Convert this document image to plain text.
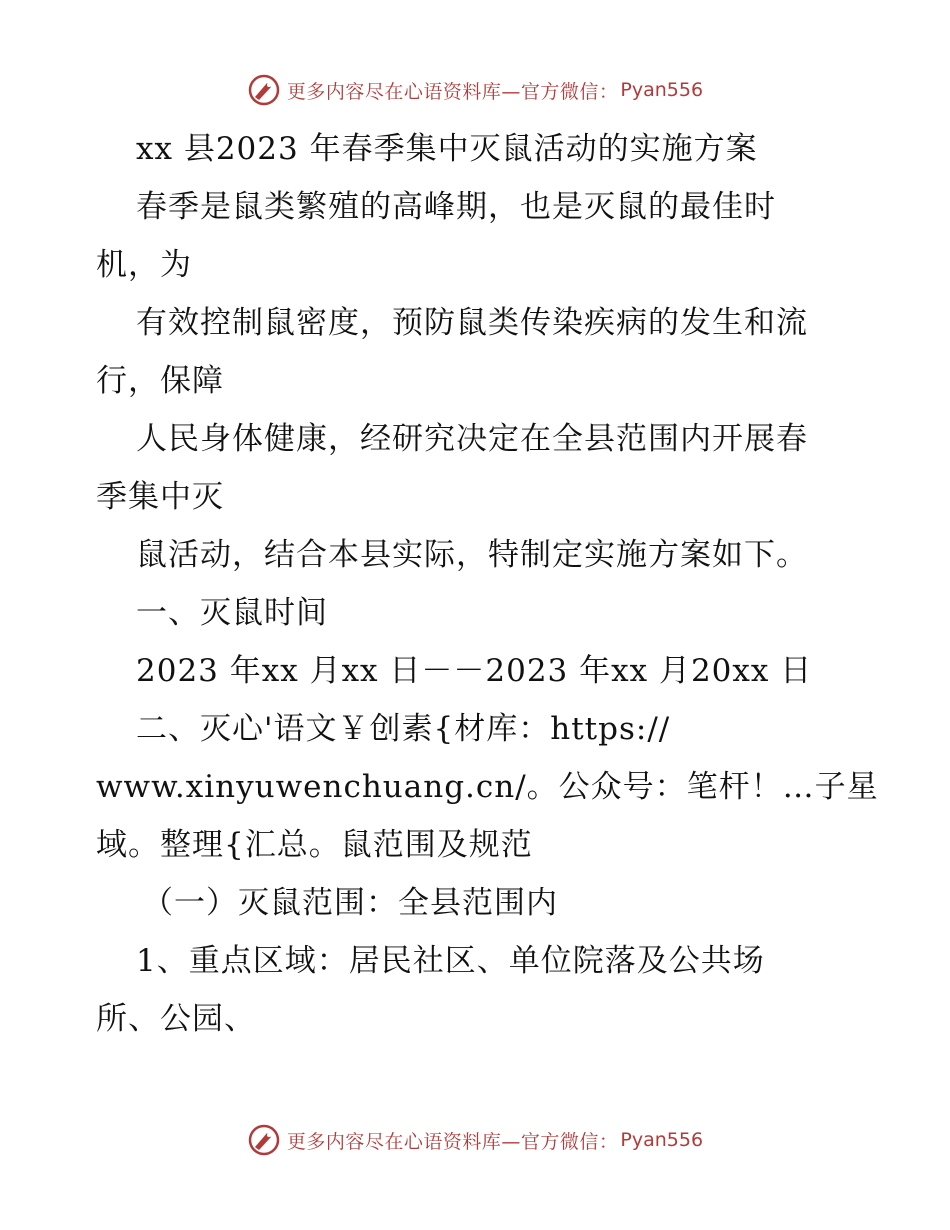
更多内容尽在心语资料库—官方微信： Pyan556
xx 县2023 年春季集中灭鼠活动的实施方案
春季是鼠类繁殖的高峰期，也是灭鼠的最佳时
机，为
有效控制鼠密度，预防鼠类传染疾病的发生和流
行，保障
人民身体健康，经研究决定在全县范围内开展春
季集中灭
鼠活动，结合本县实际，特制定实施方案如下。
一、灭鼠时间
2023 年xx 月xx 日－－2023 年xx 月20xx 日
二、灭心'语文￥创素{材库：https://
www.xinyuwenchuang.cn/。公众号：笔杆！…子星
域。整理{汇总。鼠范围及规范
（一）灭鼠范围：全县范围内
1、重点区域：居民社区、单位院落及公共场
所、公园、
更多内容尽在心语资料库—官方微信： Pyan556
